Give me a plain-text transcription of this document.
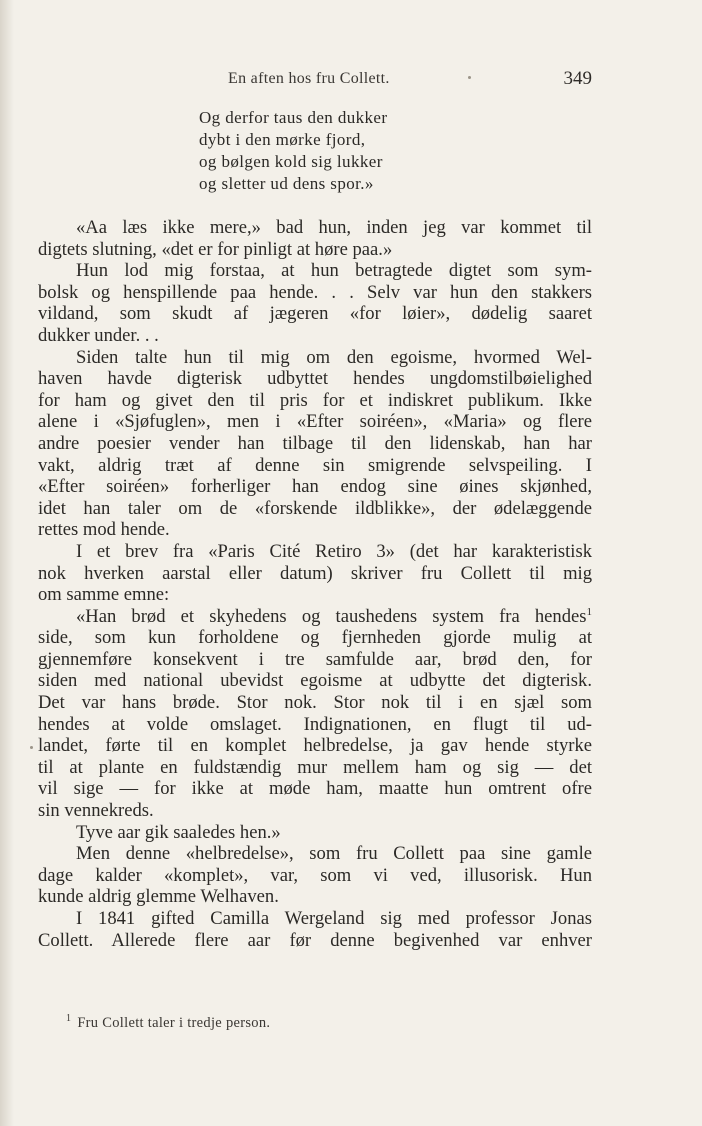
En aften hos fru Collett.	349
Og derfor taus den dukker
dybt i den mørke fjord,
og bølgen kold sig lukker
og sletter ud dens spor.»
«Aa læs ikke mere,» bad hun, inden jeg var kommet til
digtets slutning, «det er for pinligt at høre paa.»
Hun lod mig forstaa, at hun betragtede digtet som sym-
bolsk og henspillende paa hende. . . Selv var hun den stakkers
vildand, som skudt af jægeren «for løier», dødelig saaret
dukker under. . .
Siden talte hun til mig om den egoisme, hvormed Wel-
haven havde digterisk udbyttet hendes ungdomstilbøielighed
for ham og givet den til pris for et indiskret publikum. Ikke
alene i «Sjøfuglen», men i «Efter soiréen», «Maria» og flere
andre poesier vender han tilbage til den lidenskab, han har
vakt, aldrig træt af denne sin smigrende selvspeiling. I
«Efter soiréen» forherliger han endog sine øines skjønhed,
idet han taler om de «forskende ildblikke», der ødelæggende
rettes mod hende.
I et brev fra «Paris Cité Retiro 3» (det har karakteristisk
nok hverken aarstal eller datum) skriver fru Collett til mig
om samme emne:
«Han brød et skyhedens og taushedens system fra hendes$^1$
side, som kun forholdene og fjernheden gjorde mulig at
gjennemføre konsekvent i tre samfulde aar, brød den, for
siden med national ubevidst egoisme at udbytte det digterisk.
Det var hans brøde. Stor nok. Stor nok til i en sjæl som
hendes at volde omslaget. Indignationen, en flugt til ud-
landet, førte til en komplet helbredelse, ja gav hende styrke
til at plante en fuldstændig mur mellem ham og sig — det
vil sige — for ikke at møde ham, maatte hun omtrent ofre
sin vennekreds.
Tyve aar gik saaledes hen.»
Men denne «helbredelse», som fru Collett paa sine gamle
dage kalder «komplet», var, som vi ved, illusorisk. Hun
kunde aldrig glemme Welhaven.
I 1841 gifted Camilla Wergeland sig med professor Jonas
Collett. Allerede flere aar før denne begivenhed var enhver
$^1$ Fru Collett taler i tredje person.
